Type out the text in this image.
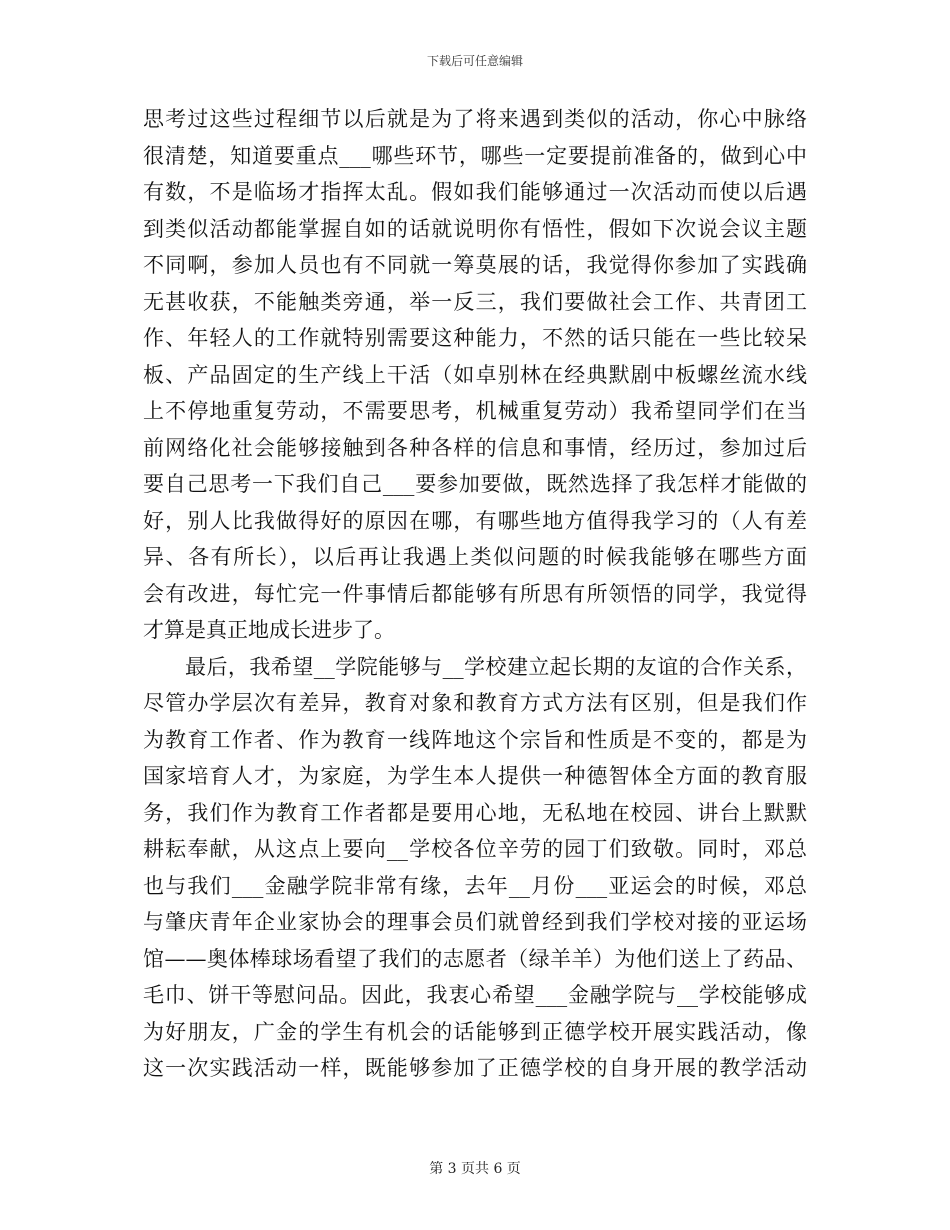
下载后可任意编辑
思考过这些过程细节以后就是为了将来遇到类似的活动，你心中脉络
很清楚，知道要重点___哪些环节，哪些一定要提前准备的，做到心中
有数，不是临场才指挥太乱。假如我们能够通过一次活动而使以后遇
到类似活动都能掌握自如的话就说明你有悟性，假如下次说会议主题
不同啊，参加人员也有不同就一筹莫展的话，我觉得你参加了实践确
无甚收获，不能触类旁通，举一反三，我们要做社会工作、共青团工
作、年轻人的工作就特别需要这种能力，不然的话只能在一些比较呆
板、产品固定的生产线上干活（如卓别林在经典默剧中板螺丝流水线
上不停地重复劳动，不需要思考，机械重复劳动）我希望同学们在当
前网络化社会能够接触到各种各样的信息和事情，经历过，参加过后
要自己思考一下我们自己___要参加要做，既然选择了我怎样才能做的
好，别人比我做得好的原因在哪，有哪些地方值得我学习的（人有差
异、各有所长），以后再让我遇上类似问题的时候我能够在哪些方面
会有改进，每忙完一件事情后都能够有所思有所领悟的同学，我觉得
才算是真正地成长进步了。
最后，我希望__学院能够与__学校建立起长期的友谊的合作关系，
尽管办学层次有差异，教育对象和教育方式方法有区别，但是我们作
为教育工作者、作为教育一线阵地这个宗旨和性质是不变的，都是为
国家培育人才，为家庭，为学生本人提供一种德智体全方面的教育服
务，我们作为教育工作者都是要用心地，无私地在校园、讲台上默默
耕耘奉献，从这点上要向__学校各位辛劳的园丁们致敬。同时，邓总
也与我们___金融学院非常有缘，去年__月份___亚运会的时候，邓总
与肇庆青年企业家协会的理事会员们就曾经到我们学校对接的亚运场
馆——奥体棒球场看望了我们的志愿者（绿羊羊）为他们送上了药品、
毛巾、饼干等慰问品。因此，我衷心希望___金融学院与__学校能够成
为好朋友，广金的学生有机会的话能够到正德学校开展实践活动，像
这一次实践活动一样，既能够参加了正德学校的自身开展的教学活动
第 3 页共 6 页
